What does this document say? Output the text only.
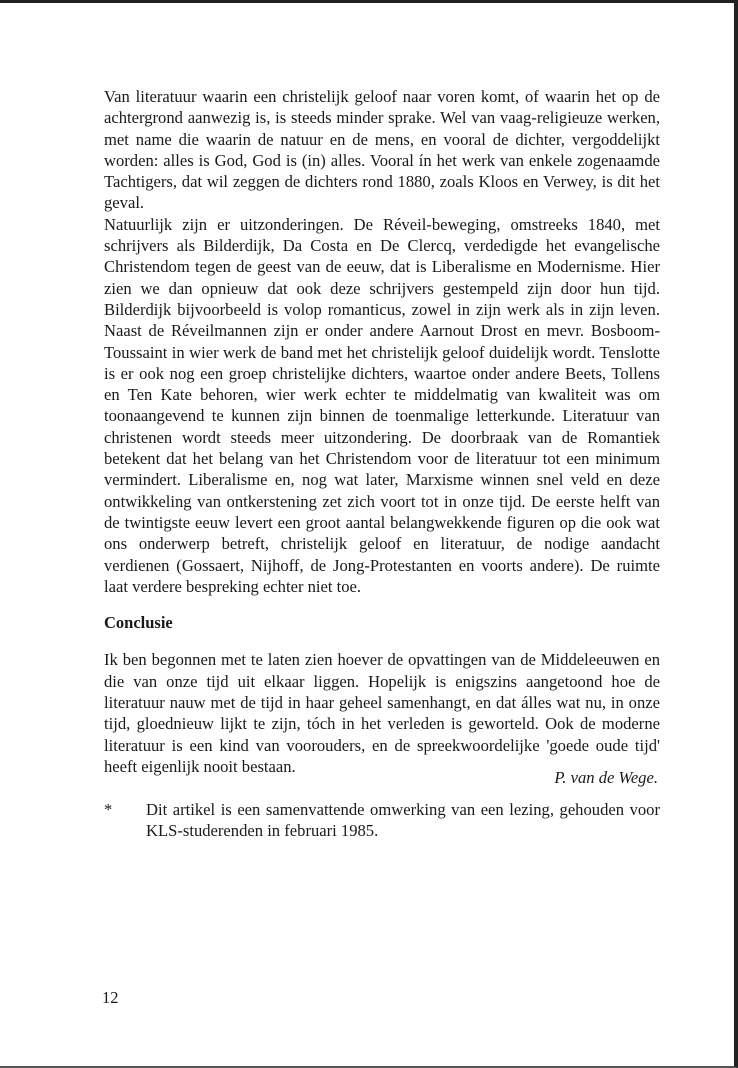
Van literatuur waarin een christelijk geloof naar voren komt, of waarin het op de achtergrond aanwezig is, is steeds minder sprake. Wel van vaag-religieuze werken, met name die waarin de natuur en de mens, en vooral de dichter, vergoddelijkt worden: alles is God, God is (in) alles. Vooral ín het werk van enkele zogenaamde Tachtigers, dat wil zeggen de dichters rond 1880, zoals Kloos en Verwey, is dit het geval.

Natuurlijk zijn er uitzonderingen. De Réveil-beweging, omstreeks 1840, met schrijvers als Bilderdijk, Da Costa en De Clercq, verdedigde het evangelische Christendom tegen de geest van de eeuw, dat is Liberalisme en Modernisme. Hier zien we dan opnieuw dat ook deze schrijvers gestempeld zijn door hun tijd. Bilderdijk bijvoorbeeld is volop romanticus, zowel in zijn werk als in zijn leven. Naast de Réveilmannen zijn er onder andere Aarnout Drost en mevr. Bosboom-Toussaint in wier werk de band met het christelijk geloof duidelijk wordt. Tenslotte is er ook nog een groep christelijke dichters, waartoe onder andere Beets, Tollens en Ten Kate behoren, wier werk echter te middelmatig van kwaliteit was om toonaangevend te kunnen zijn binnen de toenmalige letterkunde. Literatuur van christenen wordt steeds meer uitzondering. De doorbraak van de Romantiek betekent dat het belang van het Christendom voor de literatuur tot een minimum vermindert. Liberalisme en, nog wat later, Marxisme winnen snel veld en deze ontwikkeling van ontkerstening zet zich voort tot in onze tijd. De eerste helft van de twintigste eeuw levert een groot aantal belangwekkende figuren op die ook wat ons onderwerp betreft, christelijk geloof en literatuur, de nodige aandacht verdienen (Gossaert, Nijhoff, de Jong-Protestanten en voorts andere). De ruimte laat verdere bespreking echter niet toe.

Conclusie

Ik ben begonnen met te laten zien hoever de opvattingen van de Middeleeuwen en die van onze tijd uit elkaar liggen. Hopelijk is enigszins aangetoond hoe de literatuur nauw met de tijd in haar geheel samenhangt, en dat álles wat nu, in onze tijd, gloednieuw lijkt te zijn, tóch in het verleden is geworteld. Ook de moderne literatuur is een kind van voorouders, en de spreekwoordelijke 'goede oude tijd' heeft eigenlijk nooit bestaan.

P. van de Wege.

*	Dit artikel is een samenvattende omwerking van een lezing, gehouden voor KLS-studerenden in februari 1985.
12
